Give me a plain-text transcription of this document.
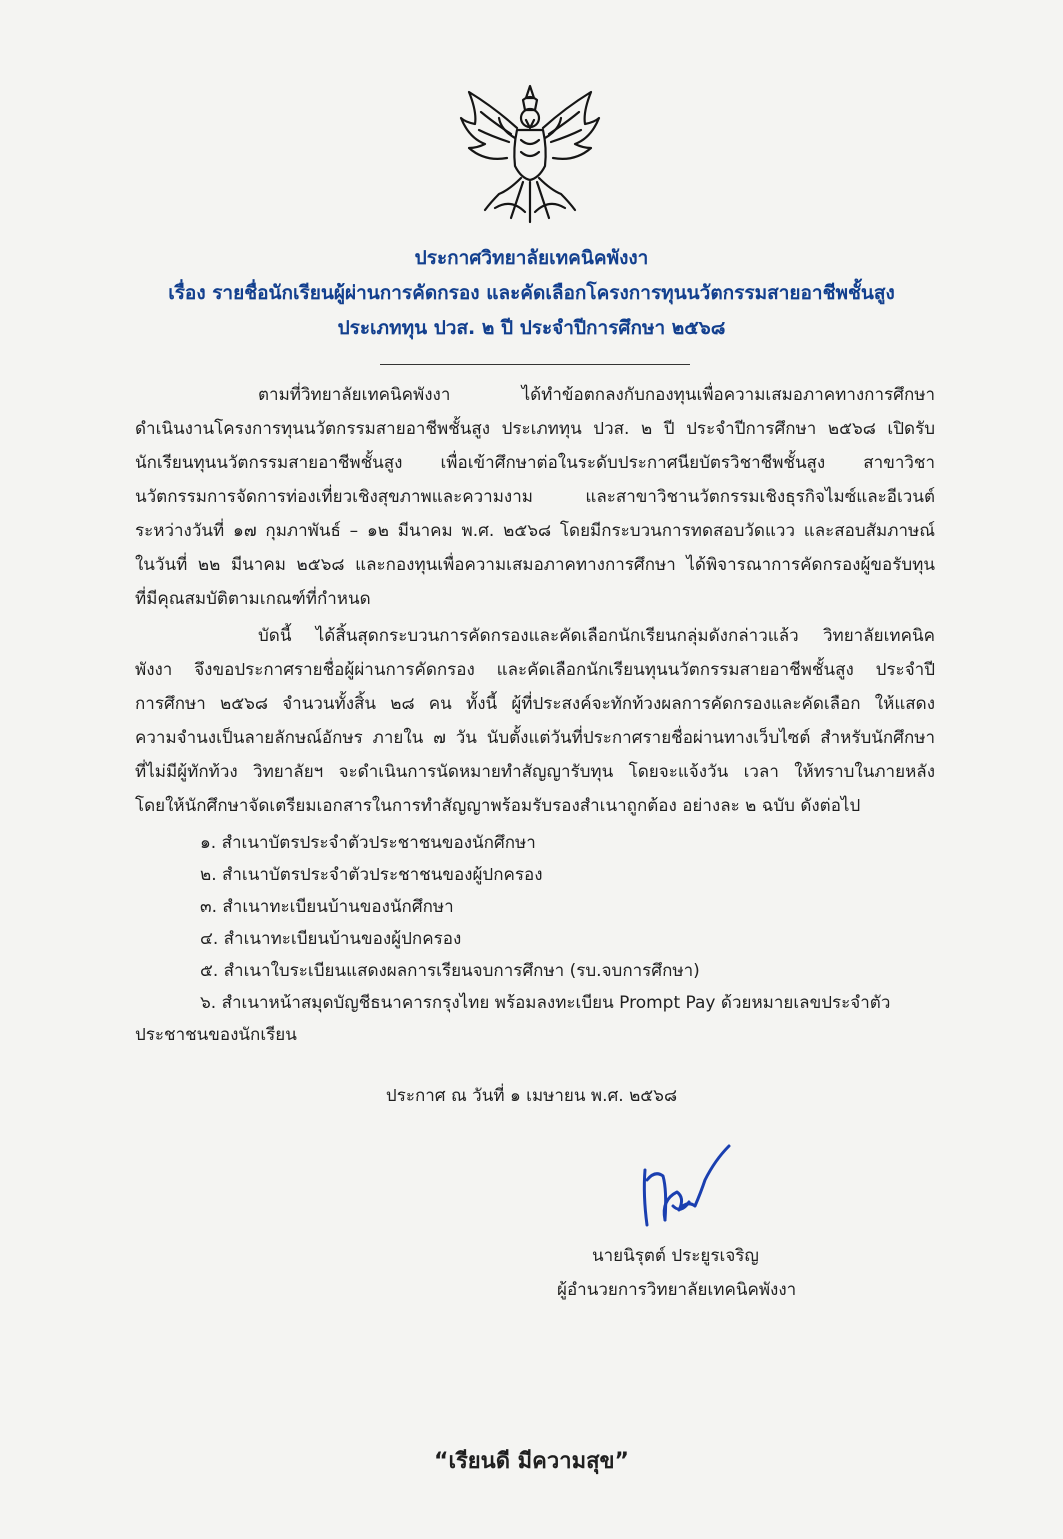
ประกาศวิทยาลัยเทคนิคพังงา
เรื่อง รายชื่อนักเรียนผู้ผ่านการคัดกรอง และคัดเลือกโครงการทุนนวัตกรรมสายอาชีพชั้นสูง
ประเภททุน ปวส. ๒ ปี ประจำปีการศึกษา ๒๕๖๘
ตามที่วิทยาลัยเทคนิคพังงา ได้ทำข้อตกลงกับกองทุนเพื่อความเสมอภาคทางการศึกษา
ดำเนินงานโครงการทุนนวัตกรรมสายอาชีพชั้นสูง ประเภททุน ปวส. ๒ ปี ประจำปีการศึกษา ๒๕๖๘ เปิดรับ
นักเรียนทุนนวัตกรรมสายอาชีพชั้นสูง เพื่อเข้าศึกษาต่อในระดับประกาศนียบัตรวิชาชีพชั้นสูง สาขาวิชา
นวัตกรรมการจัดการท่องเที่ยวเชิงสุขภาพและความงาม และสาขาวิชานวัตกรรมเชิงธุรกิจไมซ์และอีเวนต์
ระหว่างวันที่ ๑๗ กุมภาพันธ์ – ๑๒ มีนาคม พ.ศ. ๒๕๖๘ โดยมีกระบวนการทดสอบวัดแวว และสอบสัมภาษณ์
ในวันที่ ๒๒ มีนาคม ๒๕๖๘ และกองทุนเพื่อความเสมอภาคทางการศึกษา ได้พิจารณาการคัดกรองผู้ขอรับทุน
ที่มีคุณสมบัติตามเกณฑ์ที่กำหนด
บัดนี้ ได้สิ้นสุดกระบวนการคัดกรองและคัดเลือกนักเรียนกลุ่มดังกล่าวแล้ว วิทยาลัยเทคนิค
พังงา จึงขอประกาศรายชื่อผู้ผ่านการคัดกรอง และคัดเลือกนักเรียนทุนนวัตกรรมสายอาชีพชั้นสูง ประจำปี
การศึกษา ๒๕๖๘ จำนวนทั้งสิ้น ๒๘ คน ทั้งนี้ ผู้ที่ประสงค์จะทักท้วงผลการคัดกรองและคัดเลือก ให้แสดง
ความจำนงเป็นลายลักษณ์อักษร ภายใน ๗ วัน นับตั้งแต่วันที่ประกาศรายชื่อผ่านทางเว็บไซต์ สำหรับนักศึกษา
ที่ไม่มีผู้ทักท้วง วิทยาลัยฯ จะดำเนินการนัดหมายทำสัญญารับทุน โดยจะแจ้งวัน เวลา ให้ทราบในภายหลัง
โดยให้นักศึกษาจัดเตรียมเอกสารในการทำสัญญาพร้อมรับรองสำเนาถูกต้อง อย่างละ ๒ ฉบับ ดังต่อไป
๑. สำเนาบัตรประจำตัวประชาชนของนักศึกษา
๒. สำเนาบัตรประจำตัวประชาชนของผู้ปกครอง
๓. สำเนาทะเบียนบ้านของนักศึกษา
๔. สำเนาทะเบียนบ้านของผู้ปกครอง
๕. สำเนาใบระเบียนแสดงผลการเรียนจบการศึกษา (รบ.จบการศึกษา)
๖. สำเนาหน้าสมุดบัญชีธนาคารกรุงไทย พร้อมลงทะเบียน Prompt Pay ด้วยหมายเลขประจำตัว
ประชาชนของนักเรียน
ประกาศ ณ วันที่ ๑ เมษายน พ.ศ. ๒๕๖๘
นายนิรุตต์ ประยูรเจริญ
ผู้อำนวยการวิทยาลัยเทคนิคพังงา
“เรียนดี มีความสุข”
